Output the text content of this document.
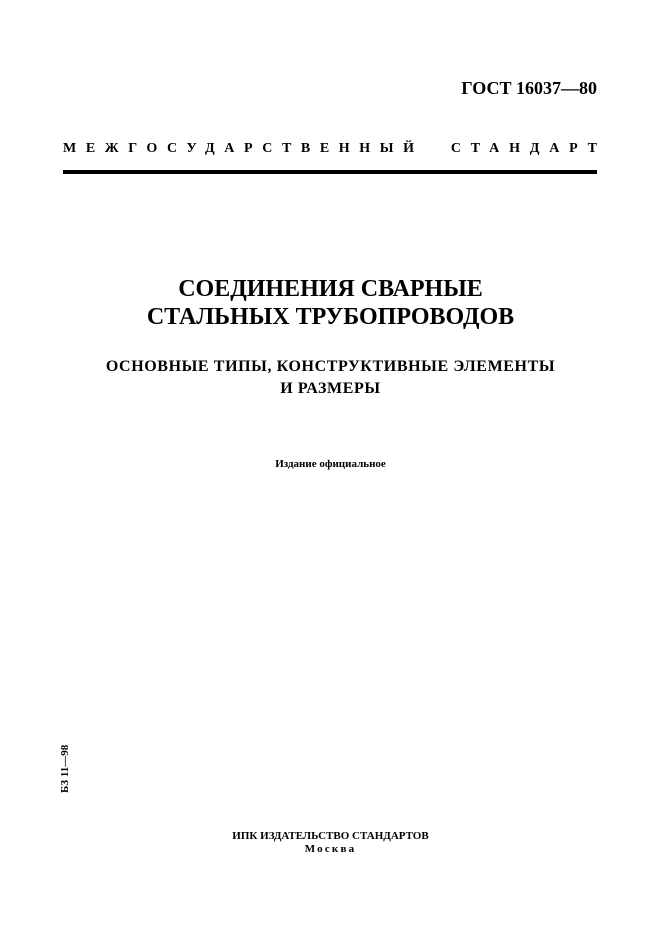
ГОСТ 16037—80
МЕЖГОСУДАРСТВЕННЫЙ СТАНДАРТ
СОЕДИНЕНИЯ СВАРНЫЕ
СТАЛЬНЫХ ТРУБОПРОВОДОВ
ОСНОВНЫЕ ТИПЫ, КОНСТРУКТИВНЫЕ ЭЛЕМЕНТЫ
И РАЗМЕРЫ
Издание официальное
БЗ 11—98
ИПК ИЗДАТЕЛЬСТВО СТАНДАРТОВ
Москва
